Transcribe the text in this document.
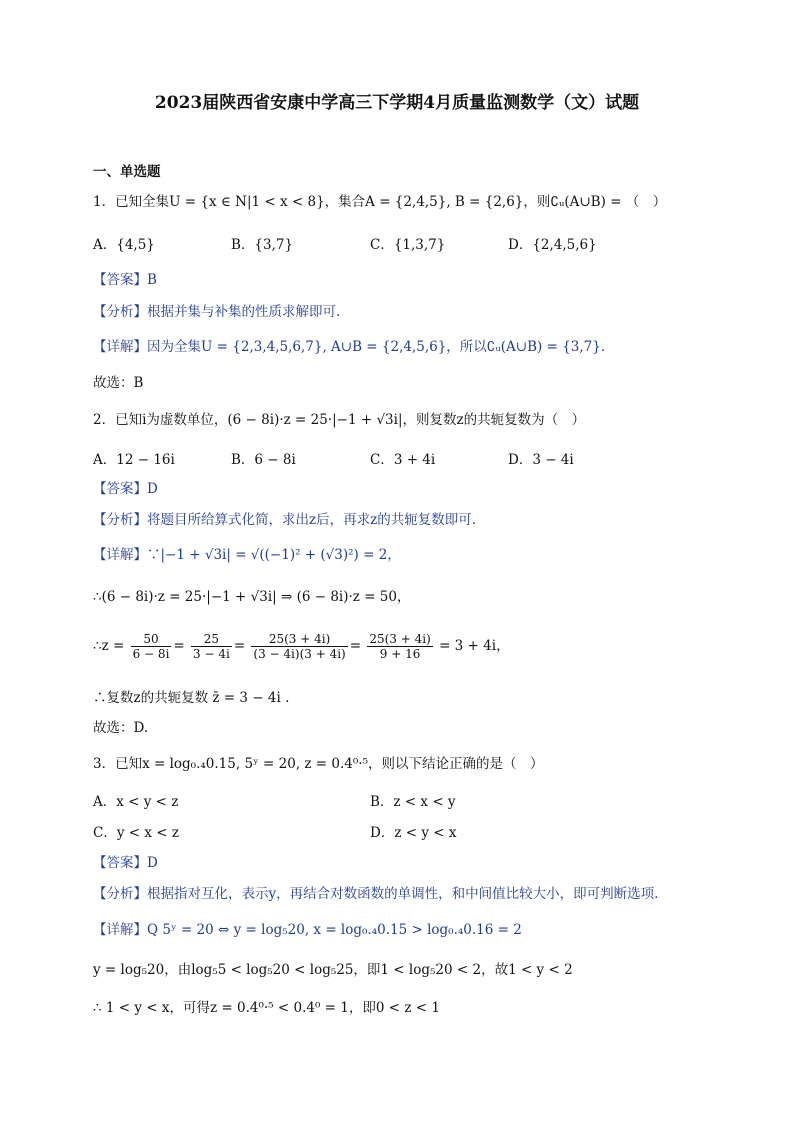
2023届陕西省安康中学高三下学期4月质量监测数学（文）试题
一、单选题
1．已知全集U = {x ∈ N|1 < x < 8}，集合A = {2,4,5}, B = {2,6}，则∁ᵤ(A∪B) = （　）
A．{4,5}	B．{3,7}	C．{1,3,7}	D．{2,4,5,6}
【答案】B
【分析】根据并集与补集的性质求解即可.
【详解】因为全集U = {2,3,4,5,6,7}, A∪B = {2,4,5,6}，所以∁ᵤ(A∪B) = {3,7}.
故选：B
2．已知i为虚数单位，(6 − 8i)·z = 25·|−1 + √3i|，则复数z的共轭复数为（　）
A．12 − 16i	B．6 − 8i	C．3 + 4i	D．3 − 4i
【答案】D
【分析】将题目所给算式化简，求出z后，再求z的共轭复数即可.
【详解】∵|−1 + √3i| = √((−1)² + (√3)²) = 2，
∴(6 − 8i)·z = 25·|−1 + √3i| ⇒ (6 − 8i)·z = 50，
∴z = $\frac{50}{6 - 8i} = \frac{25}{3 - 4i} = \frac{25(3 + 4i)}{(3 - 4i)(3 + 4i)} = \frac{25(3 + 4i)}{9 + 16} = 3 + 4i$，
∴复数z的共轭复数 z̄ = 3 − 4i .
故选：D.
3．已知x = log₀.₄0.15, 5ʸ = 20, z = 0.4⁰·⁵，则以下结论正确的是（　）
A．x < y < z	B．z < x < y
C．y < x < z	D．z < y < x
【答案】D
【分析】根据指对互化，表示y，再结合对数函数的单调性，和中间值比较大小，即可判断选项.
【详解】Q 5ʸ = 20 ⇔ y = log₅20, x = log₀.₄0.15 > log₀.₄0.16 = 2
y = log₅20，由log₅5 < log₅20 < log₅25，即1 < log₅20 < 2，故1 < y < 2
∴ 1 < y < x，可得z = 0.4⁰·⁵ < 0.4⁰ = 1，即0 < z < 1
